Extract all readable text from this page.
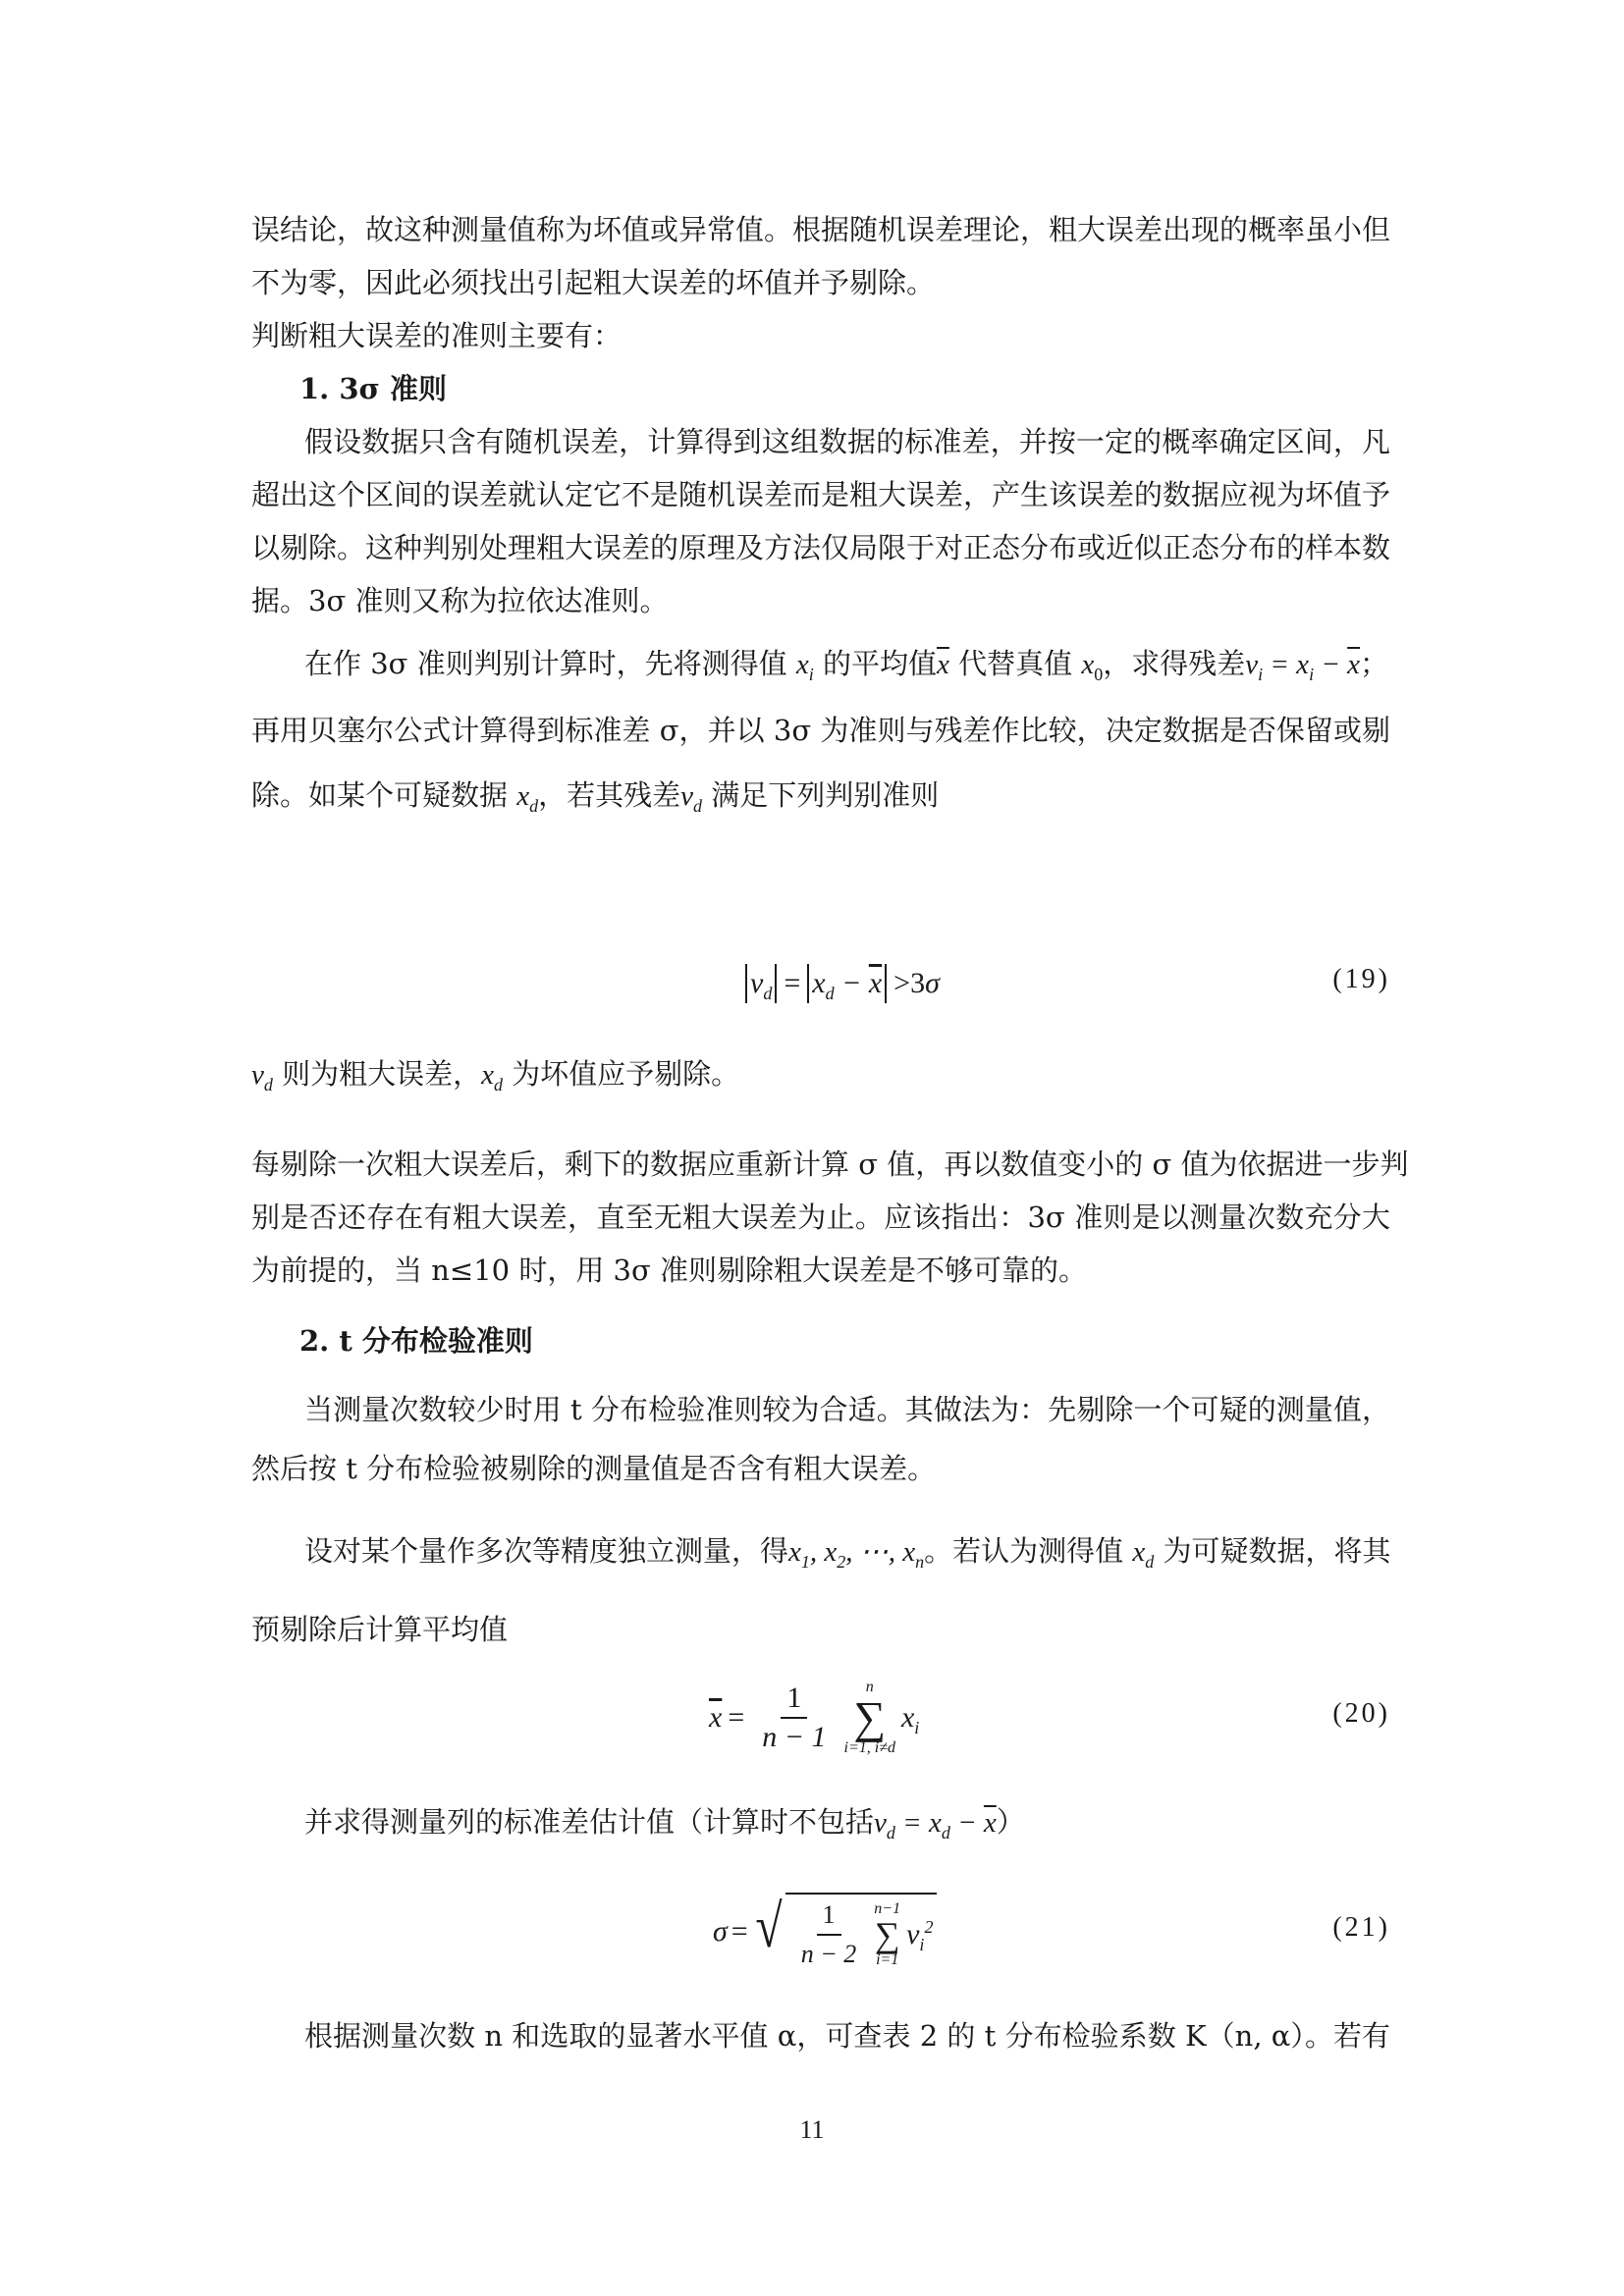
误结论，故这种测量值称为坏值或异常值。根据随机误差理论，粗大误差出现的概率虽小但
不为零，因此必须找出引起粗大误差的坏值并予剔除。
判断粗大误差的准则主要有：
1. 3σ 准则
假设数据只含有随机误差，计算得到这组数据的标准差，并按一定的概率确定区间，凡
超出这个区间的误差就认定它不是随机误差而是粗大误差，产生该误差的数据应视为坏值予
以剔除。这种判别处理粗大误差的原理及方法仅局限于对正态分布或近似正态分布的样本数
据。3σ 准则又称为拉依达准则。
在作 3σ 准则判别计算时，先将测得值 $x_i$ 的平均值$\overline{x}$ 代替真值 $x_0$，求得残差$v_i = x_i - \overline{x}$；
再用贝塞尔公式计算得到标准差 σ，并以 3σ 为准则与残差作比较，决定数据是否保留或剔
除。如某个可疑数据 $x_d$，若其残差$v_d$ 满足下列判别准则
$v_d = x_d - \overline{x} >3\sigma$	(19)
$v_d$ 则为粗大误差，$x_d$ 为坏值应予剔除。
每剔除一次粗大误差后，剩下的数据应重新计算 σ 值，再以数值变小的 σ 值为依据进一步判
别是否还存在有粗大误差，直至无粗大误差为止。应该指出：3σ 准则是以测量次数充分大
为前提的，当 n≤10 时，用 3σ 准则剔除粗大误差是不够可靠的。
2. t 分布检验准则
当测量次数较少时用 t 分布检验准则较为合适。其做法为：先剔除一个可疑的测量值，
然后按 t 分布检验被剔除的测量值是否含有粗大误差。
设对某个量作多次等精度独立测量，得$x_1$, $x_2$, ⋯, $x_n$。若认为测得值 $x_d$ 为可疑数据，将其
预剔除后计算平均值
$\overline{x} = \frac{1}{n - 1}$ n
∑
i=1, i≠d
$x_i$	(20)
并求得测量列的标准差估计值（计算时不包括$v_d = x_d - \overline{x}$）
σ = √ $\frac{1}{n - 2} n-1$
∑
i=1
$v_i^2$	(21)
根据测量次数 n 和选取的显著水平值 α，可查表 2 的 t 分布检验系数 K（n, α）。若有
11
